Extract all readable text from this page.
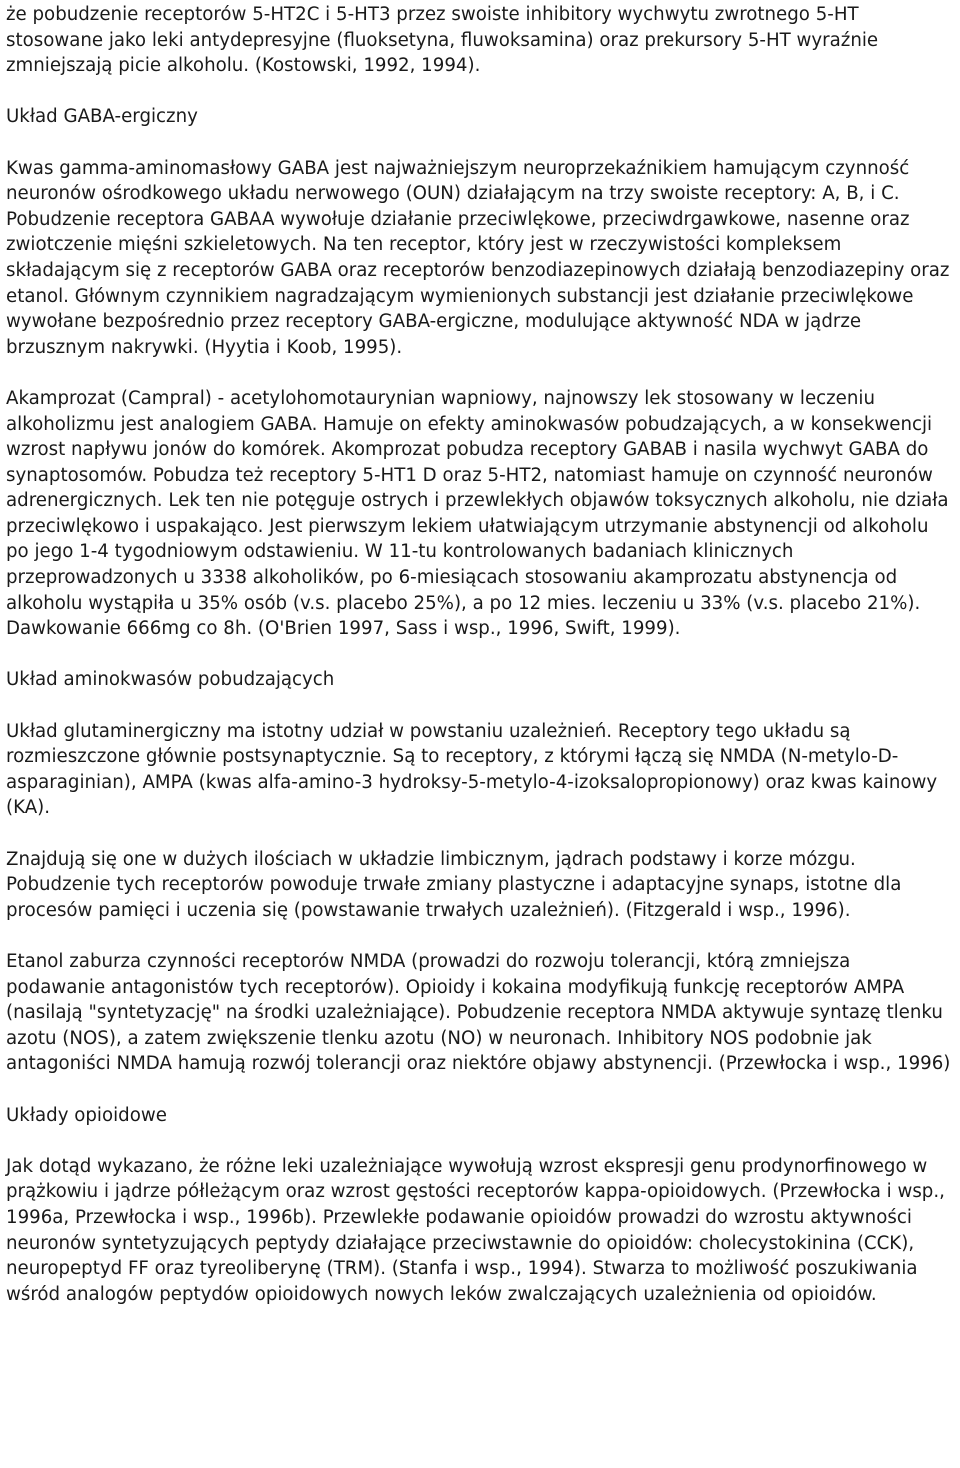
że pobudzenie receptorów 5-HT2C i 5-HT3 przez swoiste inhibitory wychwytu zwrotnego 5-HT stosowane jako leki antydepresyjne (fluoksetyna, fluwoksamina) oraz prekursory 5-HT wyraźnie zmniejszają picie alkoholu. (Kostowski, 1992, 1994).

Układ GABA-ergiczny

Kwas gamma-aminomasłowy GABA jest najważniejszym neuroprzekaźnikiem hamującym czynność neuronów ośrodkowego układu nerwowego (OUN) działającym na trzy swoiste receptory: A, B, i C. Pobudzenie receptora GABAA wywołuje działanie przeciwlękowe, przeciwdrgawkowe, nasenne oraz zwiotczenie mięśni szkieletowych. Na ten receptor, który jest w rzeczywistości kompleksem składającym się z receptorów GABA oraz receptorów benzodiazepinowych działają benzodiazepiny oraz etanol. Głównym czynnikiem nagradzającym wymienionych substancji jest działanie przeciwlękowe wywołane bezpośrednio przez receptory GABA-ergiczne, modulujące aktywność NDA w jądrze brzusznym nakrywki. (Hyytia i Koob, 1995).

Akamprozat (Campral) - acetylohomotaurynian wapniowy, najnowszy lek stosowany w leczeniu alkoholizmu jest analogiem GABA. Hamuje on efekty aminokwasów pobudzających, a w konsekwencji wzrost napływu jonów do komórek. Akomprozat pobudza receptory GABAB i nasila wychwyt GABA do synaptosomów. Pobudza też receptory 5-HT1 D oraz 5-HT2, natomiast hamuje on czynność neuronów adrenergicznych. Lek ten nie potęguje ostrych i przewlekłych objawów toksycznych alkoholu, nie działa przeciwlękowo i uspakająco. Jest pierwszym lekiem ułatwiającym utrzymanie abstynencji od alkoholu po jego 1-4 tygodniowym odstawieniu. W 11-tu kontrolowanych badaniach klinicznych przeprowadzonych u 3338 alkoholików, po 6-miesiącach stosowaniu akamprozatu abstynencja od alkoholu wystąpiła u 35% osób (v.s. placebo 25%), a po 12 mies. leczeniu u 33% (v.s. placebo 21%). Dawkowanie 666mg co 8h. (O'Brien 1997, Sass i wsp., 1996, Swift, 1999).

Układ aminokwasów pobudzających

Układ glutaminergiczny ma istotny udział w powstaniu uzależnień. Receptory tego układu są rozmieszczone głównie postsynaptycznie. Są to receptory, z którymi łączą się NMDA (N-metylo-D-asparaginian), AMPA (kwas alfa-amino-3 hydroksy-5-metylo-4-izoksalopropionowy) oraz kwas kainowy (KA).

Znajdują się one w dużych ilościach w układzie limbicznym, jądrach podstawy i korze mózgu. Pobudzenie tych receptorów powoduje trwałe zmiany plastyczne i adaptacyjne synaps, istotne dla procesów pamięci i uczenia się (powstawanie trwałych uzależnień). (Fitzgerald i wsp., 1996).

Etanol zaburza czynności receptorów NMDA (prowadzi do rozwoju tolerancji, którą zmniejsza podawanie antagonistów tych receptorów). Opioidy i kokaina modyfikują funkcję receptorów AMPA (nasilają "syntetyzację" na środki uzależniające). Pobudzenie receptora NMDA aktywuje syntazę tlenku azotu (NOS), a zatem zwiększenie tlenku azotu (NO) w neuronach. Inhibitory NOS podobnie jak antagoniści NMDA hamują rozwój tolerancji oraz niektóre objawy abstynencji. (Przewłocka i wsp., 1996)

Układy opioidowe

Jak dotąd wykazano, że różne leki uzależniające wywołują wzrost ekspresji genu prodynorfinowego w prążkowiu i jądrze półleżącym oraz wzrost gęstości receptorów kappa-opioidowych. (Przewłocka i wsp., 1996a, Przewłocka i wsp., 1996b). Przewlekłe podawanie opioidów prowadzi do wzrostu aktywności neuronów syntetyzujących peptydy działające przeciwstawnie do opioidów: cholecystokinina (CCK), neuropeptyd FF oraz tyreoliberynę (TRM). (Stanfa i wsp., 1994). Stwarza to możliwość poszukiwania wśród analogów peptydów opioidowych nowych leków zwalczających uzależnienia od opioidów.
